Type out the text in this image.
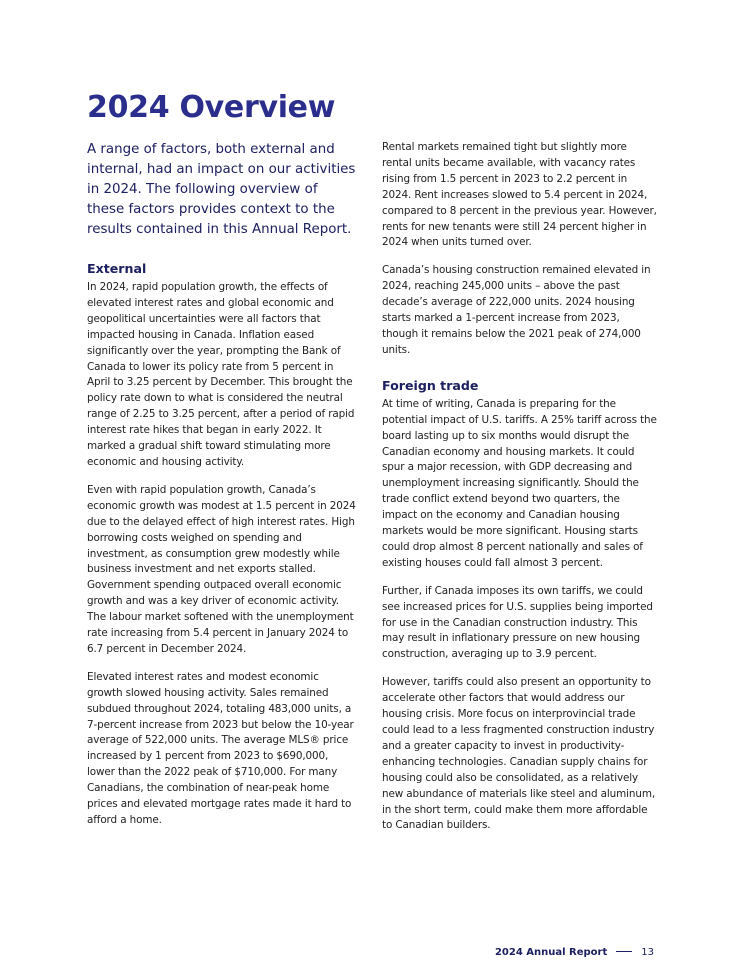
2024 Overview

A range of factors, both external and internal, had an impact on our activities in 2024. The following overview of these factors provides context to the results contained in this Annual Report.

External

In 2024, rapid population growth, the effects of elevated interest rates and global economic and geopolitical uncertainties were all factors that impacted housing in Canada. Inflation eased significantly over the year, prompting the Bank of Canada to lower its policy rate from 5 percent in April to 3.25 percent by December. This brought the policy rate down to what is considered the neutral range of 2.25 to 3.25 percent, after a period of rapid interest rate hikes that began in early 2022. It marked a gradual shift toward stimulating more economic and housing activity.

Even with rapid population growth, Canada’s economic growth was modest at 1.5 percent in 2024 due to the delayed effect of high interest rates. High borrowing costs weighed on spending and investment, as consumption grew modestly while business investment and net exports stalled. Government spending outpaced overall economic growth and was a key driver of economic activity. The labour market softened with the unemployment rate increasing from 5.4 percent in January 2024 to 6.7 percent in December 2024.

Elevated interest rates and modest economic growth slowed housing activity. Sales remained subdued throughout 2024, totaling 483,000 units, a 7-percent increase from 2023 but below the 10-year average of 522,000 units. The average MLS® price increased by 1 percent from 2023 to $690,000, lower than the 2022 peak of $710,000. For many Canadians, the combination of near-peak home prices and elevated mortgage rates made it hard to afford a home.

Rental markets remained tight but slightly more rental units became available, with vacancy rates rising from 1.5 percent in 2023 to 2.2 percent in 2024. Rent increases slowed to 5.4 percent in 2024, compared to 8 percent in the previous year. However, rents for new tenants were still 24 percent higher in 2024 when units turned over.

Canada’s housing construction remained elevated in 2024, reaching 245,000 units – above the past decade’s average of 222,000 units. 2024 housing starts marked a 1-percent increase from 2023, though it remains below the 2021 peak of 274,000 units.

Foreign trade

At time of writing, Canada is preparing for the potential impact of U.S. tariffs. A 25% tariff across the board lasting up to six months would disrupt the Canadian economy and housing markets. It could spur a major recession, with GDP decreasing and unemployment increasing significantly. Should the trade conflict extend beyond two quarters, the impact on the economy and Canadian housing markets would be more significant. Housing starts could drop almost 8 percent nationally and sales of existing houses could fall almost 3 percent.

Further, if Canada imposes its own tariffs, we could see increased prices for U.S. supplies being imported for use in the Canadian construction industry. This may result in inflationary pressure on new housing construction, averaging up to 3.9 percent.

However, tariffs could also present an opportunity to accelerate other factors that would address our housing crisis. More focus on interprovincial trade could lead to a less fragmented construction industry and a greater capacity to invest in productivity-enhancing technologies. Canadian supply chains for housing could also be consolidated, as a relatively new abundance of materials like steel and aluminum, in the short term, could make them more affordable to Canadian builders.

2024 Annual Report	13
